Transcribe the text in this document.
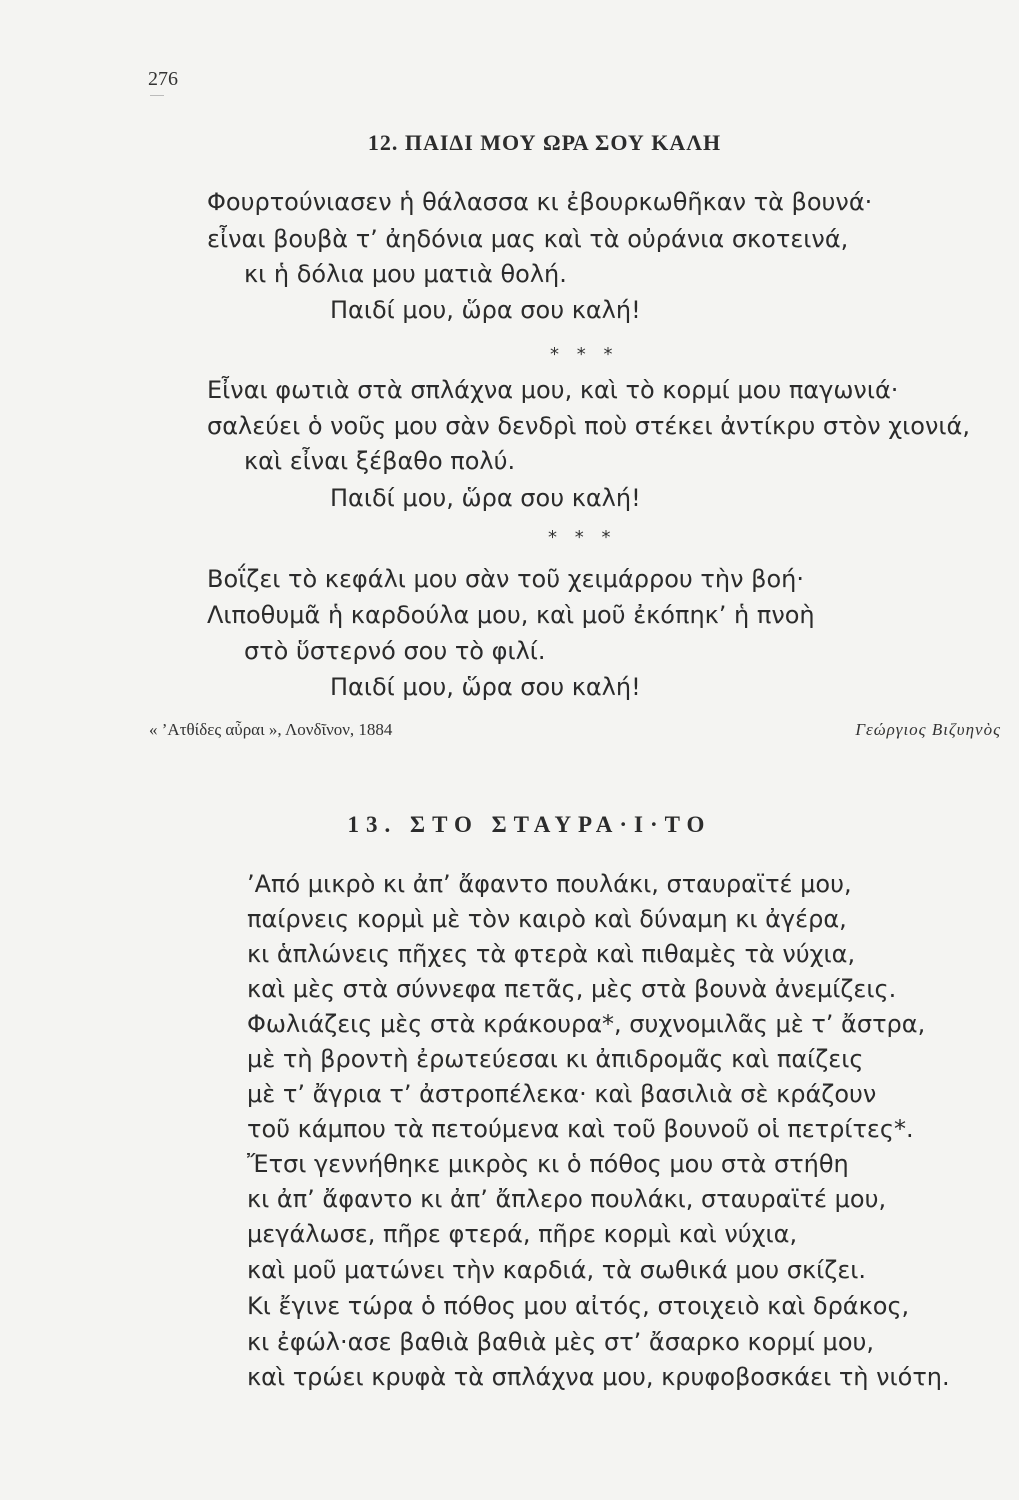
276
12. ΠΑΙΔΙ ΜΟΥ ΩΡΑ ΣΟΥ ΚΑΛΗ
Φουρτούνιασεν ἡ θάλασσα κι ἐβουρκωθῆκαν τὰ βουνά·
εἶναι βουβὰ τ’ ἀηδόνια μας καὶ τὰ οὐράνια σκοτεινά,
κι ἡ δόλια μου ματιὰ θολή.
Παιδί μου, ὥρα σου καλή!
* * *
Εἶναι φωτιὰ στὰ σπλάχνα μου, καὶ τὸ κορμί μου παγωνιά·
σαλεύει ὁ νοῦς μου σὰν δενδρὶ ποὺ στέκει ἀντίκρυ στὸν χιονιά,
καὶ εἶναι ξέβαθο πολύ.
Παιδί μου, ὥρα σου καλή!
* * *
Βοΐζει τὸ κεφάλι μου σὰν τοῦ χειμάρρου τὴν βοή·
Λιποθυμᾶ ἡ καρδούλα μου, καὶ μοῦ ἐκόπηκ’ ἡ πνοὴ
στὸ ὕστερνό σου τὸ φιλί.
Παιδί μου, ὥρα σου καλή!
« ’Ατθίδες αὖραι », Λονδῖνον, 1884	Γεώργιος Βιζυηνὸς
13. ΣΤΟ ΣΤΑΥΡΑ·Ι·ΤΟ
’Από μικρὸ κι ἀπ’ ἄφαντο πουλάκι, σταυραϊτέ μου,
παίρνεις κορμὶ μὲ τὸν καιρὸ καὶ δύναμη κι ἀγέρα,
κι ἁπλώνεις πῆχες τὰ φτερὰ καὶ πιθαμὲς τὰ νύχια,
καὶ μὲς στὰ σύννεφα πετᾶς, μὲς στὰ βουνὰ ἀνεμίζεις.
Φωλιάζεις μὲς στὰ κράκουρα*, συχνομιλᾶς μὲ τ’ ἄστρα,
μὲ τὴ βροντὴ ἐρωτεύεσαι κι ἀπιδρομᾶς καὶ παίζεις
μὲ τ’ ἄγρια τ’ ἀστροπέλεκα· καὶ βασιλιὰ σὲ κράζουν
τοῦ κάμπου τὰ πετούμενα καὶ τοῦ βουνοῦ οἱ πετρίτες*.
Ἔτσι γεννήθηκε μικρὸς κι ὁ πόθος μου στὰ στήθη
κι ἀπ’ ἄφαντο κι ἀπ’ ἄπλερο πουλάκι, σταυραϊτέ μου,
μεγάλωσε, πῆρε φτερά, πῆρε κορμὶ καὶ νύχια,
καὶ μοῦ ματώνει τὴν καρδιά, τὰ σωθικά μου σκίζει.
Κι ἔγινε τώρα ὁ πόθος μου αἰτός, στοιχειὸ καὶ δράκος,
κι ἐφώλ·ασε βαθιὰ βαθιὰ μὲς στ’ ἄσαρκο κορμί μου,
καὶ τρώει κρυφὰ τὰ σπλάχνα μου, κρυφοβοσκάει τὴ νιότη.
